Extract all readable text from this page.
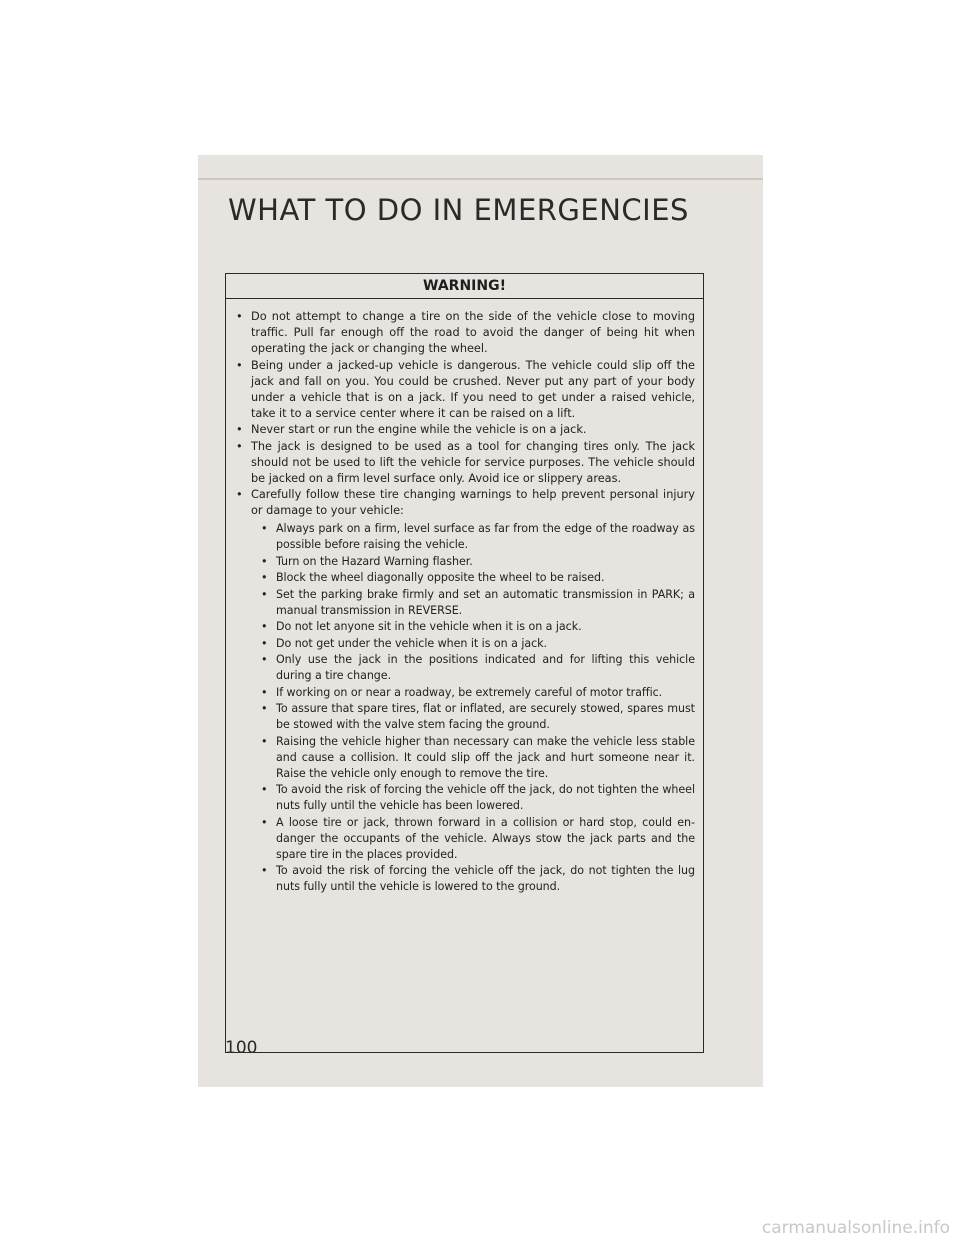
WHAT TO DO IN EMERGENCIES
WARNING!
• Do not attempt to change a tire on the side of the vehicle close to moving traffic. Pull far enough off the road to avoid the danger of being hit when operating the jack or changing the wheel.
• Being under a jacked-up vehicle is dangerous. The vehicle could slip off the jack and fall on you. You could be crushed. Never put any part of your body under a vehicle that is on a jack. If you need to get under a raised vehicle, take it to a service center where it can be raised on a lift.
• Never start or run the engine while the vehicle is on a jack.
• The jack is designed to be used as a tool for changing tires only. The jack should not be used to lift the vehicle for service purposes. The vehicle should be jacked on a firm level surface only. Avoid ice or slippery areas.
• Carefully follow these tire changing warnings to help prevent personal injury or damage to your vehicle:
• Always park on a firm, level surface as far from the edge of the roadway as possible before raising the vehicle.
• Turn on the Hazard Warning flasher.
• Block the wheel diagonally opposite the wheel to be raised.
• Set the parking brake firmly and set an automatic transmission in PARK; a manual transmission in REVERSE.
• Do not let anyone sit in the vehicle when it is on a jack.
• Do not get under the vehicle when it is on a jack.
• Only use the jack in the positions indicated and for lifting this vehicle during a tire change.
• If working on or near a roadway, be extremely careful of motor traffic.
• To assure that spare tires, flat or inflated, are securely stowed, spares must be stowed with the valve stem facing the ground.
• Raising the vehicle higher than necessary can make the vehicle less stable and cause a collision. It could slip off the jack and hurt someone near it. Raise the vehicle only enough to remove the tire.
• To avoid the risk of forcing the vehicle off the jack, do not tighten the wheel nuts fully until the vehicle has been lowered.
• A loose tire or jack, thrown forward in a collision or hard stop, could en-danger the occupants of the vehicle. Always stow the jack parts and the spare tire in the places provided.
• To avoid the risk of forcing the vehicle off the jack, do not tighten the lug nuts fully until the vehicle is lowered to the ground.
100
carmanualsonline.info
